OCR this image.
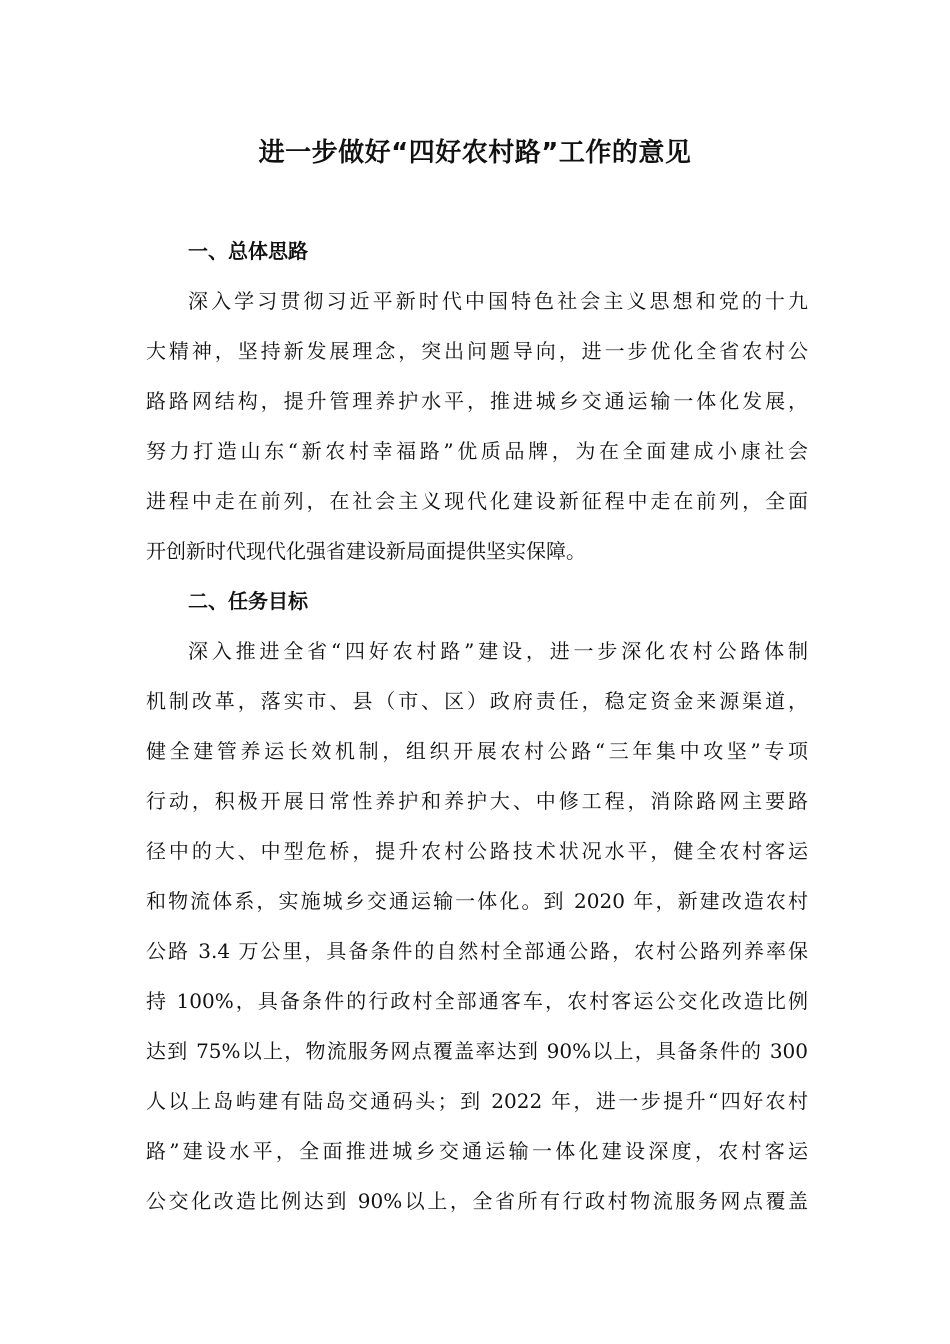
进一步做好“四好农村路”工作的意见
一、总体思路

深入学习贯彻习近平新时代中国特色社会主义思想和党的十九
大精神，坚持新发展理念，突出问题导向，进一步优化全省农村公
路路网结构，提升管理养护水平，推进城乡交通运输一体化发展，
努力打造山东“新农村幸福路”优质品牌，为在全面建成小康社会
进程中走在前列，在社会主义现代化建设新征程中走在前列，全面
开创新时代现代化强省建设新局面提供坚实保障。

二、任务目标

深入推进全省“四好农村路”建设，进一步深化农村公路体制
机制改革，落实市、县（市、区）政府责任，稳定资金来源渠道，
健全建管养运长效机制，组织开展农村公路“三年集中攻坚”专项
行动，积极开展日常性养护和养护大、中修工程，消除路网主要路
径中的大、中型危桥，提升农村公路技术状况水平，健全农村客运
和物流体系，实施城乡交通运输一体化。到 2020 年，新建改造农村
公路 3.4 万公里，具备条件的自然村全部通公路，农村公路列养率保
持 100%，具备条件的行政村全部通客车，农村客运公交化改造比例
达到 75%以上，物流服务网点覆盖率达到 90%以上，具备条件的 300
人以上岛屿建有陆岛交通码头；到 2022 年，进一步提升“四好农村
路”建设水平，全面推进城乡交通运输一体化建设深度，农村客运
公交化改造比例达到 90%以上，全省所有行政村物流服务网点覆盖
